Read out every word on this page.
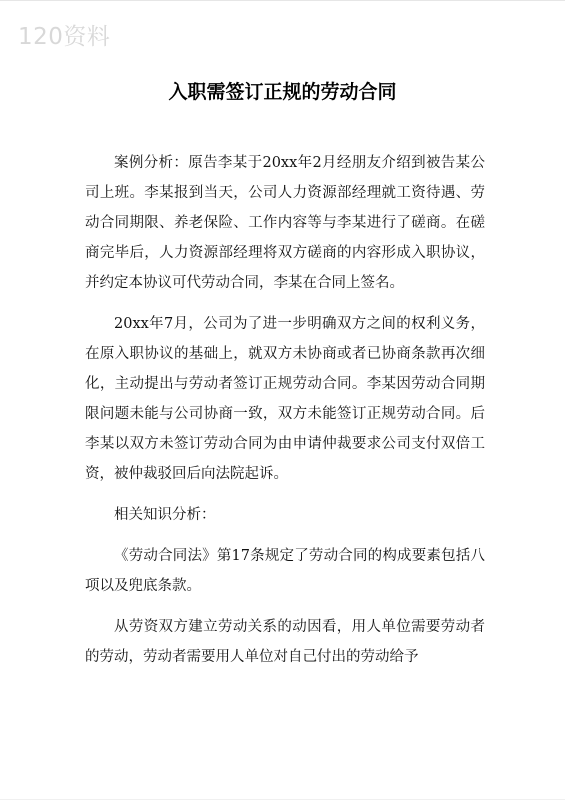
120资料
入职需签订正规的劳动合同

案例分析：原告李某于20xx年2月经朋友介绍到被告某公司上班。李某报到当天，公司人力资源部经理就工资待遇、劳动合同期限、养老保险、工作内容等与李某进行了磋商。在磋商完毕后，人力资源部经理将双方磋商的内容形成入职协议，并约定本协议可代劳动合同，李某在合同上签名。

20xx年7月，公司为了进一步明确双方之间的权利义务，在原入职协议的基础上，就双方未协商或者已协商条款再次细化，主动提出与劳动者签订正规劳动合同。李某因劳动合同期限问题未能与公司协商一致，双方未能签订正规劳动合同。后李某以双方未签订劳动合同为由申请仲裁要求公司支付双倍工资，被仲裁驳回后向法院起诉。

相关知识分析：

《劳动合同法》第17条规定了劳动合同的构成要素包括八项以及兜底条款。

从劳资双方建立劳动关系的动因看，用人单位需要劳动者的劳动，劳动者需要用人单位对自己付出的劳动给予
